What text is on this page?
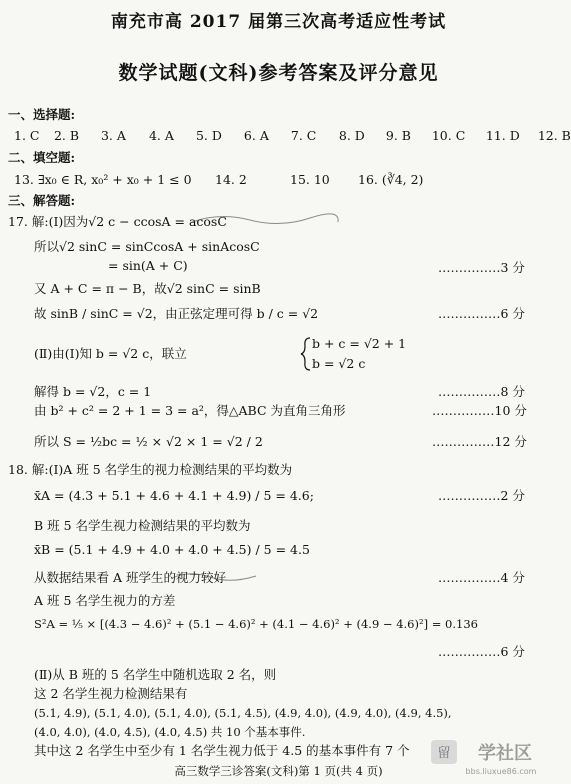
南充市高 2017 届第三次高考适应性考试
数学试题(文科)参考答案及评分意见
一、选择题:
1. C 2. B 3. A 4. A 5. D 6. A 7. C 8. D 9. B 10. C 11. D 12. B
二、填空题:
13. ∃x₀ ∈ R, x₀² + x₀ + 1 ≤ 0 14. 2	15. 10 16. (∛4, 2)
三、解答题:
17. 解:(Ⅰ)因为√2 c − ccosA = acosC
所以√2 sinC = sinCcosA + sinAcosC
= sin(A + C)	……………3 分
又 A + C = π − B，故√2 sinC = sinB
故 sinB / sinC = √2，由正弦定理可得 b / c = √2	……………6 分
(Ⅱ)由(Ⅰ)知 b = √2 c，联立
b + c = √2 + 1
b = √2 c
解得 b = √2，c = 1	……………8 分
由 b² + c² = 2 + 1 = 3 = a²，得△ABC 为直角三角形	……………10 分
所以 S = ½bc = ½ × √2 × 1 = √2 / 2	……………12 分
18. 解:(Ⅰ)A 班 5 名学生的视力检测结果的平均数为
x̄A = (4.3 + 5.1 + 4.6 + 4.1 + 4.9) / 5 = 4.6;	……………2 分
B 班 5 名学生视力检测结果的平均数为
x̄B = (5.1 + 4.9 + 4.0 + 4.0 + 4.5) / 5 = 4.5
从数据结果看 A 班学生的视力较好	……………4 分
A 班 5 名学生视力的方差
S²A = ⅕ × [(4.3 − 4.6)² + (5.1 − 4.6)² + (4.1 − 4.6)² + (4.9 − 4.6)²] = 0.136
……………6 分
(Ⅱ)从 B 班的 5 名学生中随机选取 2 名，则
这 2 名学生视力检测结果有
(5.1, 4.9), (5.1, 4.0), (5.1, 4.0), (5.1, 4.5), (4.9, 4.0), (4.9, 4.0), (4.9, 4.5),
(4.0, 4.0), (4.0, 4.5), (4.0, 4.5) 共 10 个基本事件.
其中这 2 名学生中至少有 1 名学生视力低于 4.5 的基本事件有 7 个
高三数学三诊答案(文科)第 1 页(共 4 页)
留 学社区
bbs.liuxue86.com
